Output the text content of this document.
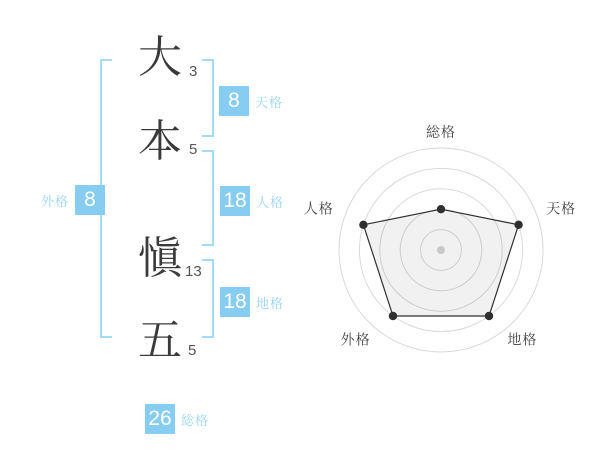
大 3
本 5
愼 13
五 5
8	天格
18 人格
18 地格
外格 8
26 総格
総格
天格
地格
外格
人格
